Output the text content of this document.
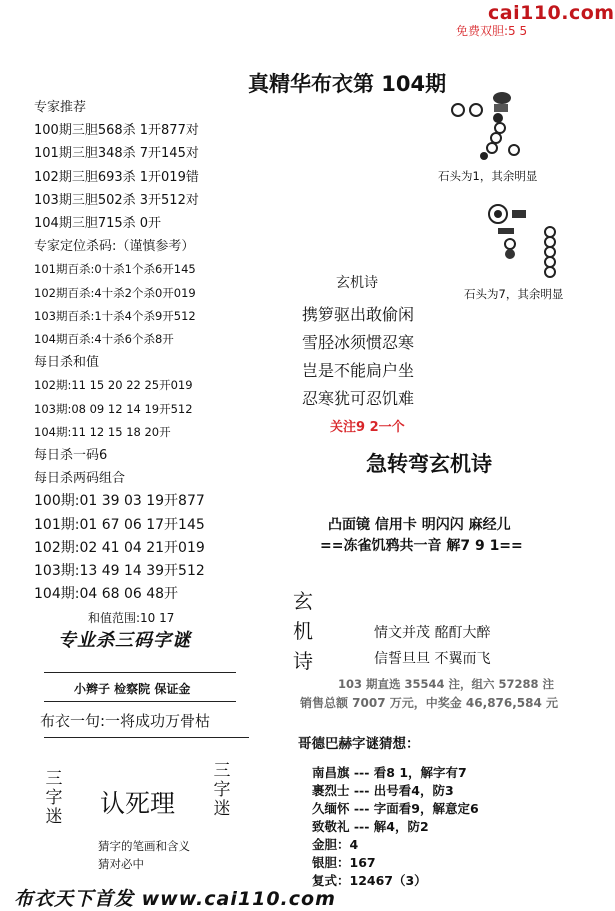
cai110.com
免费双胆:5 5
真精华布衣第 104期
专家推荐
100期三胆568杀 1开877对
101期三胆348杀 7开145对
102期三胆693杀 1开019错
103期三胆502杀 3开512对
104期三胆715杀 0开
专家定位杀码:（谨慎参考）
101期百杀:0十杀1个杀6开145
102期百杀:4十杀2个杀0开019
103期百杀:1十杀4个杀9开512
104期百杀:4十杀6个杀8开
每日杀和值
102期:11 15 20 22 25开019
103期:08 09 12 14 19开512
104期:11 12 15 18 20开
每日杀一码6
每日杀两码组合
100期:01 39 03 19开877
101期:01 67 06 17开145
102期:02 41 04 21开019
103期:13 49 14 39开512
104期:04 68 06 48开
和值范围:10 17
专业杀三码字谜
小辫子 检察院 保证金
布衣一句:一将成功万骨枯
三
字
迷 认死理
三
字
迷
猜字的笔画和含义
猜对必中
石头为1，其余明显
石头为7，其余明显
玄机诗
携箩驱出敢偷闲
雪胫冰须惯忍寒
岂是不能扃户坐
忍寒犹可忍饥难
关注9 2一个
急转弯玄机诗
凸面镜 信用卡 明闪闪 麻经儿
==冻雀饥鸦共一音 解7 9 1==
玄
机
诗
情文并茂 酩酊大醉
信誓旦旦 不翼而飞
103 期直选 35544 注，组六 57288 注
销售总额 7007 万元，中奖金 46,876,584 元
哥德巴赫字谜猜想：
南昌旗 --- 看8 1，解字有7
裹烈士 --- 出号看4，防3
久缅怀 --- 字面看9，解意定6
致敬礼 --- 解4，防2
金胆：4
银胆：167
复式：12467（3）
布衣天下首发 www.cai110.com
